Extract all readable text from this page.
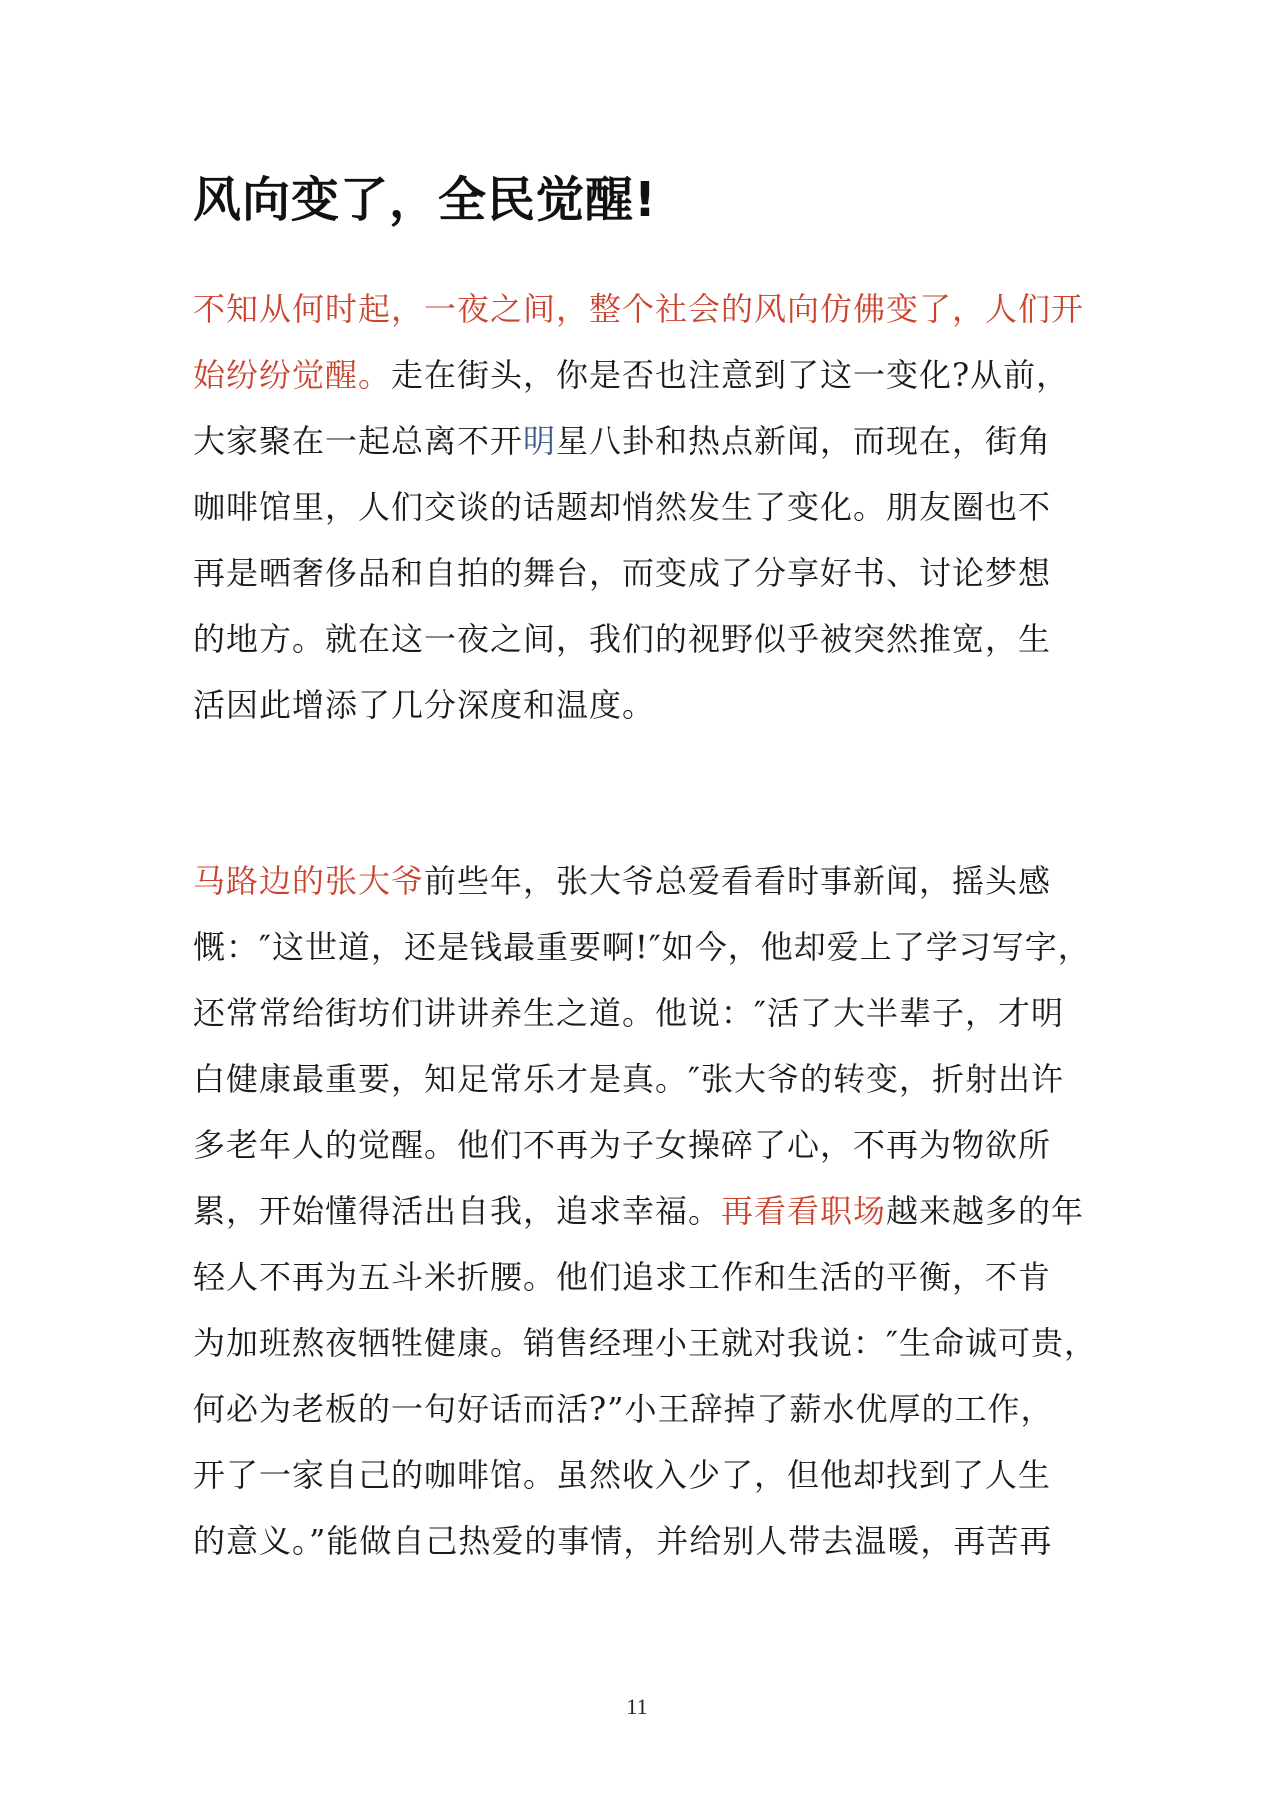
风向变了，全民觉醒!

不知从何时起，一夜之间，整个社会的风向仿佛变了，人们开
始纷纷觉醒。走在街头，你是否也注意到了这一变化?从前，
大家聚在一起总离不开明星八卦和热点新闻，而现在，街角
咖啡馆里，人们交谈的话题却悄然发生了变化。朋友圈也不
再是晒奢侈品和自拍的舞台，而变成了分享好书、讨论梦想
的地方。就在这一夜之间，我们的视野似乎被突然推宽，生
活因此增添了几分深度和温度。

马路边的张大爷前些年，张大爷总爱看看时事新闻，摇头感
慨：″这世道，还是钱最重要啊!″如今，他却爱上了学习写字，
还常常给街坊们讲讲养生之道。他说：″活了大半辈子，才明
白健康最重要，知足常乐才是真。″张大爷的转变，折射出许
多老年人的觉醒。他们不再为子女操碎了心，不再为物欲所
累，开始懂得活出自我，追求幸福。再看看职场越来越多的年
轻人不再为五斗米折腰。他们追求工作和生活的平衡，不肯
为加班熬夜牺牲健康。销售经理小王就对我说：″生命诚可贵，
何必为老板的一句好话而活?”小王辞掉了薪水优厚的工作，
开了一家自己的咖啡馆。虽然收入少了，但他却找到了人生
的意义。”能做自己热爱的事情，并给别人带去温暖，再苦再

11
